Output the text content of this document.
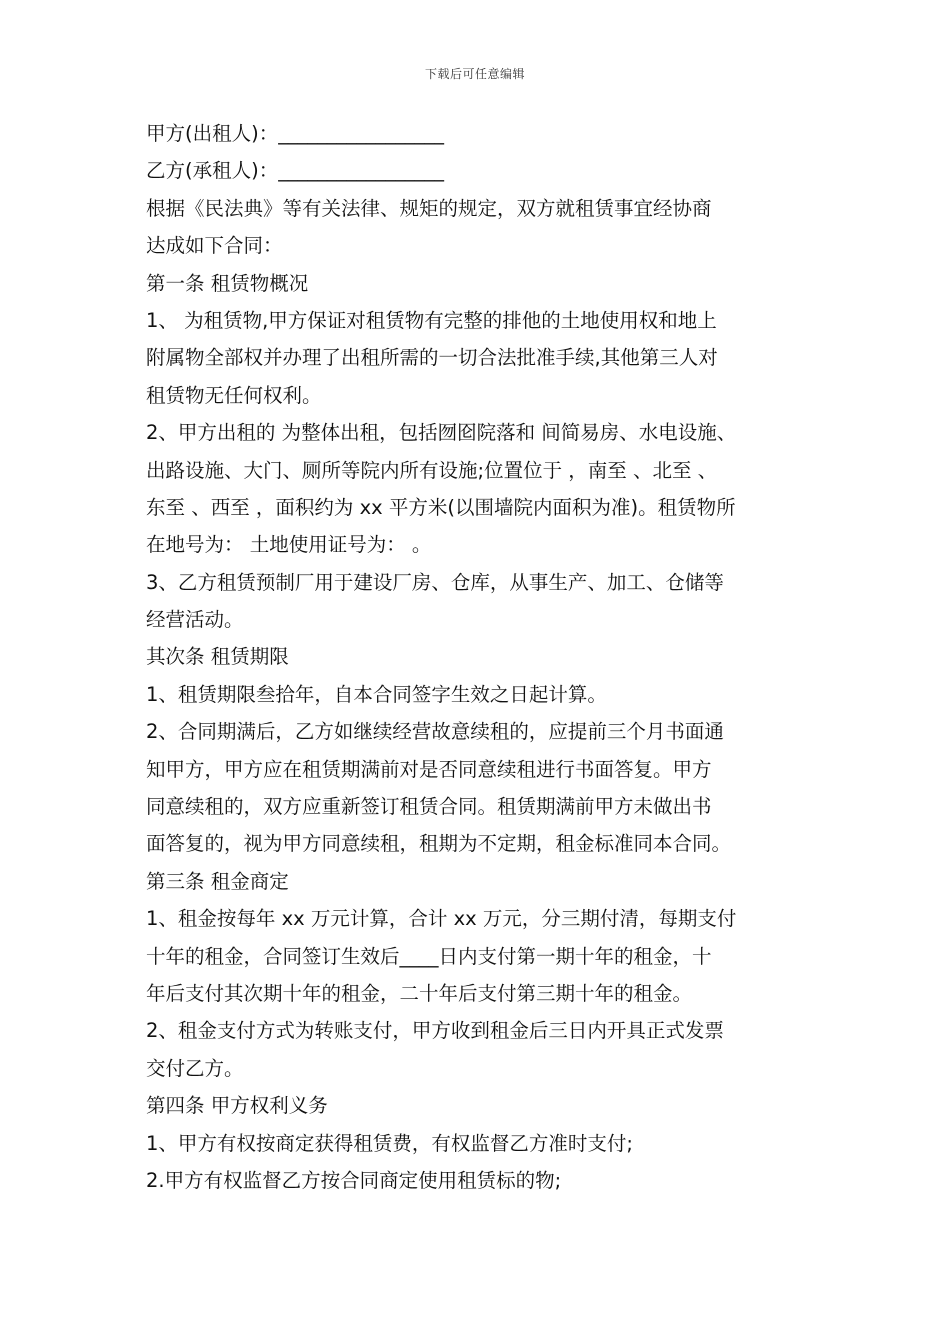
下载后可任意编辑
甲方(出租人)：_________________
乙方(承租人)：_________________
根据《民法典》等有关法律、规矩的规定，双方就租赁事宜经协商
达成如下合同：
第一条 租赁物概况
1、 为租赁物,甲方保证对租赁物有完整的排他的土地使用权和地上
附属物全部权并办理了出租所需的一切合法批准手续,其他第三人对
租赁物无任何权利。
2、甲方出租的 为整体出租，包括囫囵院落和 间简易房、水电设施、
出路设施、大门、厕所等院内所有设施;位置位于 ，南至 、北至 、
东至 、西至 ，面积约为 xx 平方米(以围墙院内面积为准)。租赁物所
在地号为： 土地使用证号为： 。
3、乙方租赁预制厂用于建设厂房、仓库，从事生产、加工、仓储等
经营活动。
其次条 租赁期限
1、租赁期限叁拾年，自本合同签字生效之日起计算。
2、合同期满后，乙方如继续经营故意续租的，应提前三个月书面通
知甲方，甲方应在租赁期满前对是否同意续租进行书面答复。甲方
同意续租的，双方应重新签订租赁合同。租赁期满前甲方未做出书
面答复的，视为甲方同意续租，租期为不定期，租金标准同本合同。
第三条 租金商定
1、租金按每年 xx 万元计算，合计 xx 万元，分三期付清，每期支付
十年的租金，合同签订生效后____日内支付第一期十年的租金，十
年后支付其次期十年的租金，二十年后支付第三期十年的租金。
2、租金支付方式为转账支付，甲方收到租金后三日内开具正式发票
交付乙方。
第四条 甲方权利义务
1、甲方有权按商定获得租赁费，有权监督乙方准时支付;
2.甲方有权监督乙方按合同商定使用租赁标的物;
